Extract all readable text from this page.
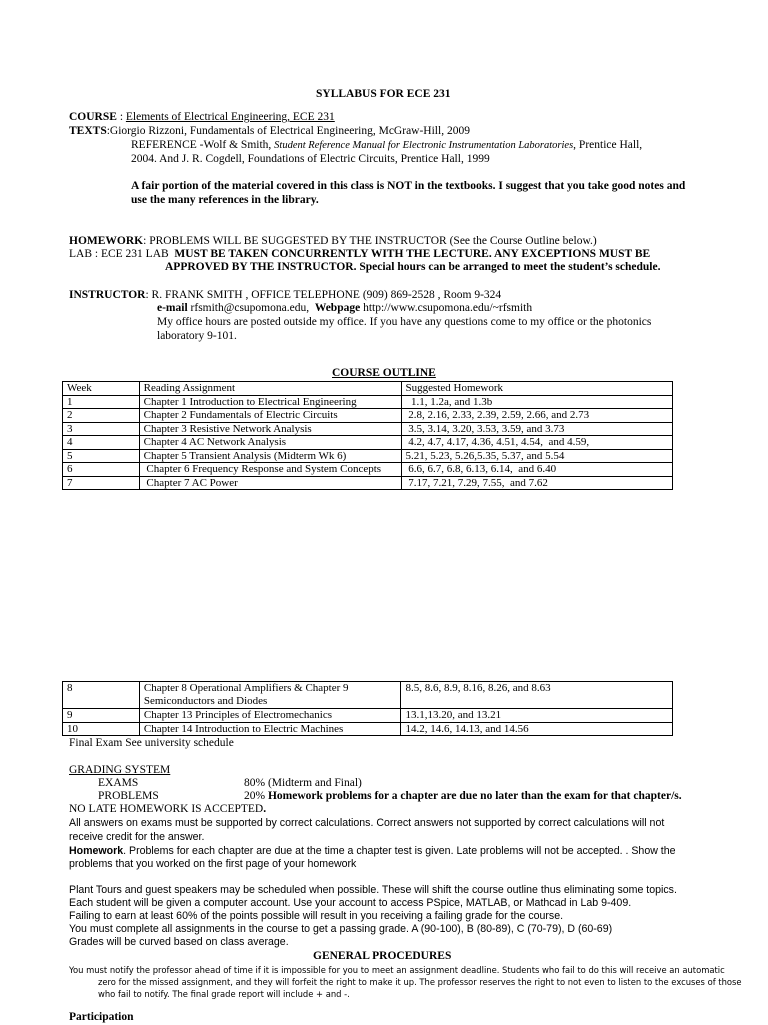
SYLLABUS FOR ECE 231
COURSE : Elements of Electrical Engineering, ECE 231
TEXTS:Giorgio Rizzoni, Fundamentals of Electrical Engineering, McGraw-Hill, 2009
REFERENCE -Wolf & Smith, Student Reference Manual for Electronic Instrumentation Laboratories, Prentice Hall,
2004. And J. R. Cogdell, Foundations of Electric Circuits, Prentice Hall, 1999
A fair portion of the material covered in this class is NOT in the textbooks. I suggest that you take good notes and
use the many references in the library.
HOMEWORK: PROBLEMS WILL BE SUGGESTED BY THE INSTRUCTOR (See the Course Outline below.)
LAB : ECE 231 LAB MUST BE TAKEN CONCURRENTLY WITH THE LECTURE. ANY EXCEPTIONS MUST BE
APPROVED BY THE INSTRUCTOR. Special hours can be arranged to meet the student’s schedule.
INSTRUCTOR: R. FRANK SMITH , OFFICE TELEPHONE (909) 869-2528 , Room 9-324
e-mail rfsmith@csupomona.edu, Webpage http://www.csupomona.edu/~rfsmith
My office hours are posted outside my office. If you have any questions come to my office or the photonics
laboratory 9-101.
COURSE OUTLINE
Week	Reading Assignment	Suggested Homework
1	Chapter 1 Introduction to Electrical Engineering	1.1, 1.2a, and 1.3b
2	Chapter 2 Fundamentals of Electric Circuits	2.8, 2.16, 2.33, 2.39, 2.59, 2.66, and 2.73
3	Chapter 3 Resistive Network Analysis	3.5, 3.14, 3.20, 3.53, 3.59, and 3.73
4	Chapter 4 AC Network Analysis	4.2, 4.7, 4.17, 4.36, 4.51, 4.54,  and 4.59,
5	Chapter 5 Transient Analysis (Midterm Wk 6)	5.21, 5.23, 5.26,5.35, 5.37, and 5.54
6	Chapter 6 Frequency Response and System Concepts	6.6, 6.7, 6.8, 6.13, 6.14,  and 6.40
7	Chapter 7 AC Power	7.17, 7.21, 7.29, 7.55,  and 7.62
8	Chapter 8 Operational Amplifiers & Chapter 9 Semiconductors and Diodes	8.5, 8.6, 8.9, 8.16, 8.26, and 8.63
9	Chapter 13 Principles of Electromechanics	13.1,13.20, and 13.21
10	Chapter 14 Introduction to Electric Machines	14.2, 14.6, 14.13, and 14.56
Final Exam See university schedule
GRADING SYSTEM
EXAMS	80% (Midterm and Final)
PROBLEMS	20% Homework problems for a chapter are due no later than the exam for that chapter/s.
NO LATE HOMEWORK IS ACCEPTED.
All answers on exams must be supported by correct calculations. Correct answers not supported by correct calculations will not
receive credit for the answer.
Homework. Problems for each chapter are due at the time a chapter test is given. Late problems will not be accepted. . Show the
problems that you worked on the first page of your homework
Plant Tours and guest speakers may be scheduled when possible. These will shift the course outline thus eliminating some topics.
Each student will be given a computer account. Use your account to access PSpice, MATLAB, or Mathcad in Lab 9-409.
Failing to earn at least 60% of the points possible will result in you receiving a failing grade for the course.
You must complete all assignments in the course to get a passing grade. A (90-100), B (80-89), C (70-79), D (60-69)
Grades will be curved based on class average.
GENERAL PROCEDURES
You must notify the professor ahead of time if it is impossible for you to meet an assignment deadline. Students who fail to do this will receive an automatic
zero for the missed assignment, and they will forfeit the right to make it up. The professor reserves the right to not even to listen to the excuses of those
who fail to notify. The final grade report will include + and -.
Participation
